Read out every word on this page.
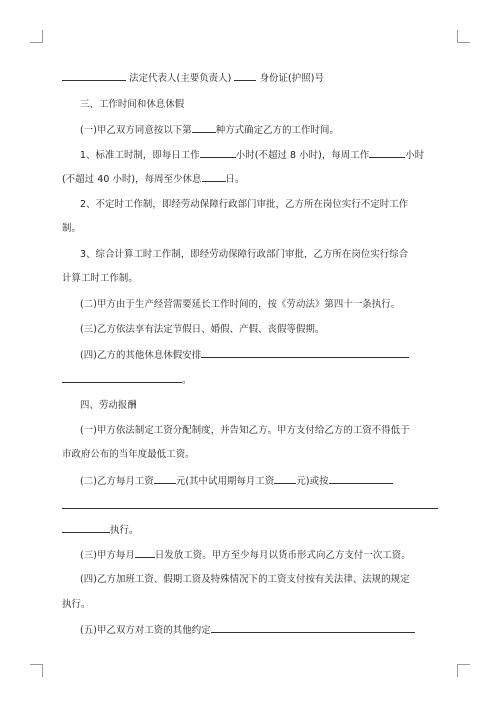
法定代表人(主要负责人)	身份证(护照)号
三、工作时间和休息休假
(一)甲乙双方同意按以下第	种方式确定乙方的工作时间。
1、标准工时制，即每日工作	小时(不超过 8 小时)，每周工作	小时
(不超过 40 小时)，每周至少休息	日。
2、不定时工作制，即经劳动保障行政部门审批，乙方所在岗位实行不定时工作
制。
3、综合计算工时工作制，即经劳动保障行政部门审批，乙方所在岗位实行综合
计算工时工作制。
(二)甲方由于生产经营需要延长工作时间的，按《劳动法》第四十一条执行。
(三)乙方依法享有法定节假日、婚假、产假、丧假等假期。
(四)乙方的其他休息休假安排
。
四、劳动报酬
(一)甲方依法制定工资分配制度，并告知乙方。甲方支付给乙方的工资不得低于
市政府公布的当年度最低工资。
(二)乙方每月工资 元(其中试用期每月工资 元)或按
执行。
(三)甲方每月 日发放工资。甲方至少每月以货币形式向乙方支付一次工资。
(四)乙方加班工资、假期工资及特殊情况下的工资支付按有关法律、法规的规定
执行。
(五)甲乙双方对工资的其他约定
